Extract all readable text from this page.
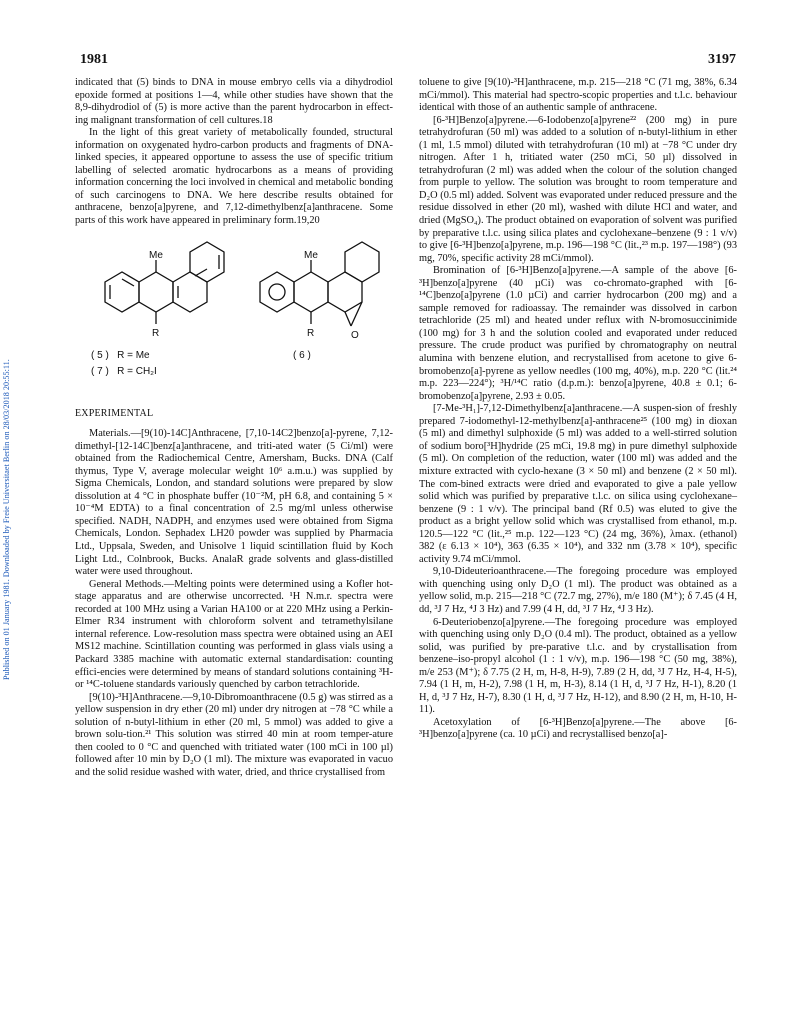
1981	3197
Published on 01 January 1981. Downloaded by Freie Universitaet Berlin on 28/03/2018 20:55:11.

indicated that (5) binds to DNA in mouse embryo cells via a dihydrodiol epoxide formed at positions 1—4, while other studies have shown that the 8,9-dihydrodiol of (5) is more active than the parent hydrocarbon in effect-ing malignant transformation of cell cultures.18

In the light of this great variety of metabolically founded, structural information on oxygenated hydro-carbon products and fragments of DNA-linked species, it appeared opportune to assess the use of specific tritium labelling of selected aromatic hydrocarbons as a means of providing information concerning the loci involved in chemical and metabolic bonding of such carcinogens to DNA. We here describe results obtained for anthracene, benzo[a]pyrene, and 7,12-dimethylbenz[a]anthracene. Some parts of this work have appeared in preliminary form.19,20

Me
R
Me
R	O
( 5 )   R = Me
( 7 )   R = CH₂I
( 6 )

EXPERIMENTAL

Materials.—[9(10)-14C]Anthracene, [7,10-14C2]benzo[a]-pyrene, 7,12-dimethyl-[12-14C]benz[a]anthracene, and triti-ated water (5 Ci/ml) were obtained from the Radiochemical Centre, Amersham, Bucks. DNA (Calf thymus, Type V, average molecular weight 10⁶ a.m.u.) was supplied by Sigma Chemicals, London, and standard solutions were prepared by slow dissolution at 4 °C in phosphate buffer (10⁻²M, pH 6.8, and containing 5 × 10⁻⁴M EDTA) to a final concentration of 2.5 mg/ml unless otherwise specified. NADH, NADPH, and enzymes used were obtained from Sigma Chemicals, London. Sephadex LH20 powder was supplied by Pharmacia Ltd., Uppsala, Sweden, and Unisolve 1 liquid scintillation fluid by Koch Light Ltd., Colnbrook, Bucks. AnalaR grade solvents and glass-distilled water were used throughout.

General Methods.—Melting points were determined using a Kofler hot-stage apparatus and are otherwise uncorrected. ¹H N.m.r. spectra were recorded at 100 MHz using a Varian HA100 or at 220 MHz using a Perkin-Elmer R34 instrument with chloroform solvent and tetramethylsilane internal reference. Low-resolution mass spectra were obtained using an AEI MS12 machine. Scintillation counting was performed in glass vials using a Packard 3385 machine with automatic external standardisation: counting effici-encies were determined by means of standard solutions containing ³H- or ¹⁴C-toluene standards variously quenched by carbon tetrachloride.

[9(10)-³H]Anthracene.—9,10-Dibromoanthracene (0.5 g) was stirred as a yellow suspension in dry ether (20 ml) under dry nitrogen at −78 °C while a solution of n-butyl-lithium in ether (20 ml, 5 mmol) was added to give a brown solu-tion.²¹ This solution was stirred 40 min at room temper-ature then cooled to 0 °C and quenched with tritiated water (100 mCi in 100 µl) followed after 10 min by D₂O (1 ml). The mixture was evaporated in vacuo and the solid residue washed with water, dried, and thrice crystallised from

toluene to give [9(10)-³H]anthracene, m.p. 215—218 °C (71 mg, 38%, 6.34 mCi/mmol). This material had spectro-scopic properties and t.l.c. behaviour identical with those of an authentic sample of anthracene.

[6-³H]Benzo[a]pyrene.—6-Iodobenzo[a]pyrene²² (200 mg) in pure tetrahydrofuran (50 ml) was added to a solution of n-butyl-lithium in ether (1 ml, 1.5 mmol) diluted with tetrahydrofuran (10 ml) at −78 °C under dry nitrogen. After 1 h, tritiated water (250 mCi, 50 µl) dissolved in tetrahydrofuran (2 ml) was added when the colour of the solution changed from purple to yellow. The solution was brought to room temperature and D₂O (0.5 ml) added. Solvent was evaporated under reduced pressure and the residue dissolved in ether (20 ml), washed with dilute HCl and water, and dried (MgSO₄). The product obtained on evaporation of solvent was purified by preparative t.l.c. using silica plates and cyclohexane–benzene (9 : 1 v/v) to give [6-³H]benzo[a]pyrene, m.p. 196—198 °C (lit.,²³ m.p. 197—198°) (93 mg, 70%, specific activity 28 mCi/mmol).

Bromination of [6-³H]Benzo[a]pyrene.—A sample of the above [6-³H]benzo[a]pyrene (40 µCi) was co-chromato-graphed with [6-¹⁴C]benzo[a]pyrene (1.0 µCi) and carrier hydrocarbon (200 mg) and a sample removed for radioassay. The remainder was dissolved in carbon tetrachloride (25 ml) and heated under reflux with N-bromosuccinimide (100 mg) for 3 h and the solution cooled and evaporated under reduced pressure. The crude product was purified by chromatography on neutral alumina with benzene elution, and recrystallised from acetone to give 6-bromobenzo[a]-pyrene as yellow needles (100 mg, 40%), m.p. 220 °C (lit.²⁴ m.p. 223—224°); ³H/¹⁴C ratio (d.p.m.): benzo[a]pyrene, 40.8 ± 0.1; 6-bromobenzo[a]pyrene, 2.93 ± 0.05.

[7-Me-³H₁]-7,12-Dimethylbenz[a]anthracene.—A suspen-sion of freshly prepared 7-iodomethyl-12-methylbenz[a]-anthracene²⁵ (100 mg) in dioxan (5 ml) and dimethyl sulphoxide (5 ml) was added to a well-stirred solution of sodium boro[³H]hydride (25 mCi, 19.8 mg) in pure dimethyl sulphoxide (5 ml). On completion of the reduction, water (100 ml) was added and the mixture extracted with cyclo-hexane (3 × 50 ml) and benzene (2 × 50 ml). The com-bined extracts were dried and evaporated to give a pale yellow solid which was purified by preparative t.l.c. on silica using cyclohexane–benzene (9 : 1 v/v). The principal band (Rf 0.5) was eluted to give the product as a bright yellow solid which was crystallised from ethanol, m.p. 120.5—122 °C (lit.,²⁵ m.p. 122—123 °C) (24 mg, 36%), λmax. (ethanol) 382 (ε 6.13 × 10⁴), 363 (6.35 × 10⁴), and 332 nm (3.78 × 10⁴), specific activity 9.74 mCi/mmol.

9,10-Dideuterioanthracene.—The foregoing procedure was employed with quenching using only D₂O (1 ml). The product was obtained as a yellow solid, m.p. 215—218 °C (72.7 mg, 27%), m/e 180 (M⁺); δ 7.45 (4 H, dd, ³J 7 Hz, ⁴J 3 Hz) and 7.99 (4 H, dd, ³J 7 Hz, ⁴J 3 Hz).

6-Deuteriobenzo[a]pyrene.—The foregoing procedure was employed with quenching using only D₂O (0.4 ml). The product, obtained as a yellow solid, was purified by pre-parative t.l.c. and by crystallisation from benzene–iso-propyl alcohol (1 : 1 v/v), m.p. 196—198 °C (50 mg, 38%), m/e 253 (M⁺); δ 7.75 (2 H, m, H-8, H-9), 7.89 (2 H, dd, ³J 7 Hz, H-4, H-5), 7.94 (1 H, m, H-2), 7.98 (1 H, m, H-3), 8.14 (1 H, d, ³J 7 Hz, H-1), 8.20 (1 H, d, ³J 7 Hz, H-7), 8.30 (1 H, d, ³J 7 Hz, H-12), and 8.90 (2 H, m, H-10, H-11).

Acetoxylation of [6-³H]Benzo[a]pyrene.—The above [6-³H]benzo[a]pyrene (ca. 10 µCi) and recrystallised benzo[a]-
